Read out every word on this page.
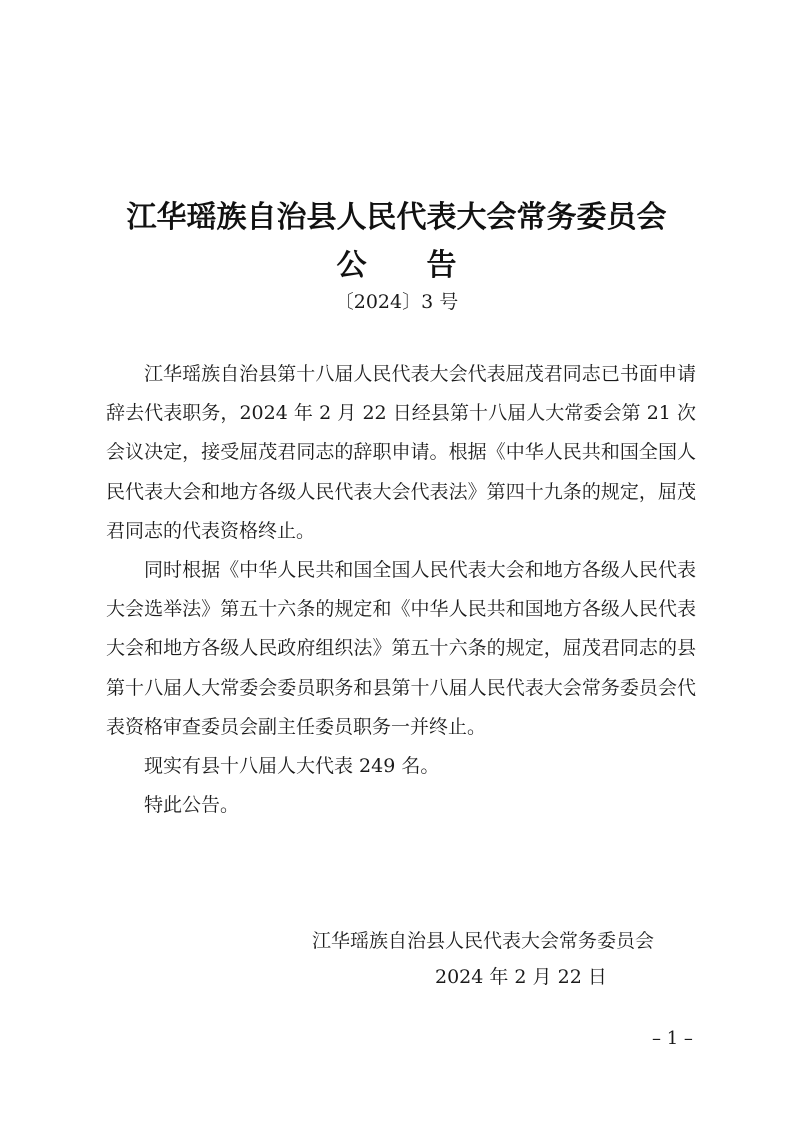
江华瑶族自治县人民代表大会常务委员会
公 告
〔2024〕3 号

江华瑶族自治县第十八届人民代表大会代表屈茂君同志已书面申请辞去代表职务，2024 年 2 月 22 日经县第十八届人大常委会第 21 次会议决定，接受屈茂君同志的辞职申请。根据《中华人民共和国全国人民代表大会和地方各级人民代表大会代表法》第四十九条的规定，屈茂君同志的代表资格终止。

同时根据《中华人民共和国全国人民代表大会和地方各级人民代表大会选举法》第五十六条的规定和《中华人民共和国地方各级人民代表大会和地方各级人民政府组织法》第五十六条的规定，屈茂君同志的县第十八届人大常委会委员职务和县第十八届人民代表大会常务委员会代表资格审查委员会副主任委员职务一并终止。

现实有县十八届人大代表 249 名。

特此公告。

江华瑶族自治县人民代表大会常务委员会
2024 年 2 月 22 日
– 1 –
